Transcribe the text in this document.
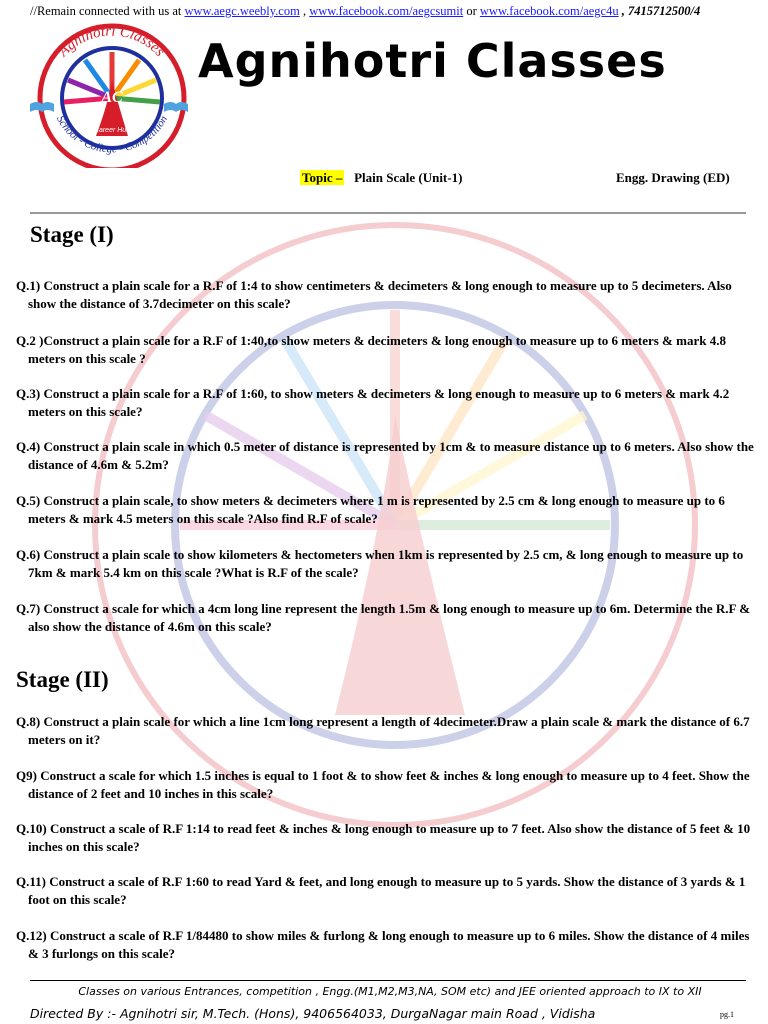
//Remain connected with us at www.aegc.weebly.com , www.facebook.com/aegcsumit or www.facebook.com/aegc4u , 7415712500/4
AC
Career Hub
Agnihotri Classes
School - College - Competition
Agnihotri Classes
Topic – Plain Scale (Unit-1)	Engg. Drawing (ED)
Stage (I)
Q.1) Construct a plain scale for a R.F of 1:4 to show centimeters & decimeters & long enough to measure up to 5 decimeters. Also show the distance of 3.7decimeter on this scale?
Q.2 )Construct a plain scale for a R.F of 1:40,to show meters & decimeters & long enough to measure up to 6 meters & mark 4.8 meters on this scale ?
Q.3) Construct a plain scale for a R.F of 1:60, to show meters & decimeters & long enough to measure up to 6 meters & mark 4.2 meters on this scale?
Q.4) Construct a plain scale in which 0.5 meter of distance is represented by 1cm & to measure distance up to 6 meters. Also show the distance of 4.6m & 5.2m?
Q.5) Construct a plain scale, to show meters & decimeters where 1 m is represented by 2.5 cm & long enough to measure up to 6 meters & mark 4.5 meters on this scale ?Also find R.F of scale?
Q.6) Construct a plain scale to show kilometers & hectometers when 1km is represented by 2.5 cm, & long enough to measure up to 7km & mark 5.4 km on this scale ?What is R.F of the scale?
Q.7) Construct a scale for which a 4cm long line represent the length 1.5m & long enough to measure up to 6m. Determine the R.F & also show the distance of 4.6m on this scale?
Stage (II)
Q.8) Construct a plain scale for which a line 1cm long represent a length of 4decimeter.Draw a plain scale & mark the distance of 6.7 meters on it?
Q9) Construct a scale for which 1.5 inches is equal to 1 foot & to show feet & inches & long enough to measure up to 4 feet. Show the distance of 2 feet and 10 inches in this scale?
Q.10) Construct a scale of R.F 1:14 to read feet & inches & long enough to measure up to 7 feet. Also show the distance of 5 feet & 10 inches on this scale?
Q.11) Construct a scale of R.F 1:60 to read Yard & feet, and long enough to measure up to 5 yards. Show the distance of 3 yards & 1 foot on this scale?
Q.12) Construct a scale of R.F 1/84480 to show miles & furlong & long enough to measure up to 6 miles. Show the distance of 4 miles & 3 furlongs on this scale?
Classes on various Entrances, competition , Engg.(M1,M2,M3,NA, SOM etc) and JEE oriented approach to IX to XII
Directed By :- Agnihotri sir, M.Tech. (Hons), 9406564033, DurgaNagar main Road , Vidisha	pg.1
